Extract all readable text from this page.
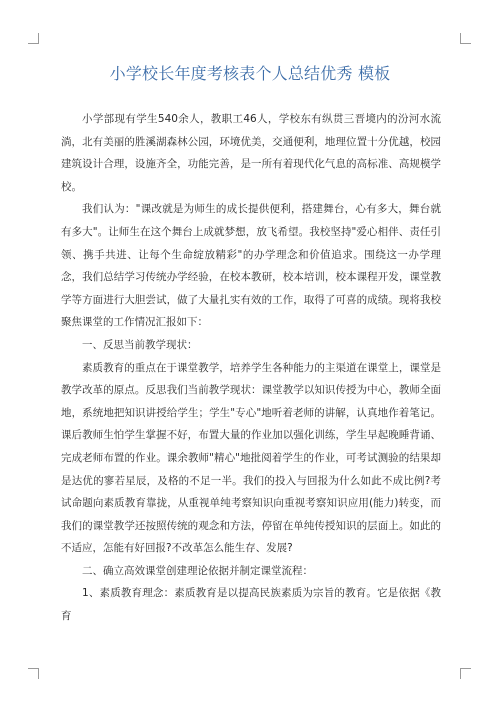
小学校长年度考核表个人总结优秀 模板

小学部现有学生540余人，教职工46人，学校东有纵贯三晋境内的汾河水流淌，北有美丽的胜溪湖森林公园，环境优美，交通便利，地理位置十分优越，校园建筑设计合理，设施齐全，功能完善，是一所有着现代化气息的高标准、高规模学校。

我们认为："课改就是为师生的成长提供便利，搭建舞台，心有多大，舞台就有多大"。让师生在这个舞台上成就梦想，放飞希望。我校坚持"爱心相伴、责任引领、携手共进、让每个生命绽放精彩"的办学理念和价值追求。围绕这一办学理念，我们总结学习传统办学经验，在校本教研，校本培训，校本课程开发，课堂教学等方面进行大胆尝试，做了大量扎实有效的工作，取得了可喜的成绩。现将我校聚焦课堂的工作情况汇报如下：

一、反思当前教学现状：

素质教育的重点在于课堂教学，培养学生各种能力的主渠道在课堂上，课堂是教学改革的原点。反思我们当前教学现状：课堂教学以知识传授为中心，教师全面地，系统地把知识讲授给学生；学生"专心"地听着老师的讲解，认真地作着笔记。课后教师生怕学生掌握不好，布置大量的作业加以强化训练，学生早起晚睡背诵、完成老师布置的作业。课余教师"精心"地批阅着学生的作业，可考试测验的结果却是达优的寥若星辰，及格的不足一半。我们的投入与回报为什么如此不成比例?考试命题向素质教育靠拢，从重视单纯考察知识向重视考察知识应用(能力)转变，而我们的课堂教学还按照传统的观念和方法，停留在单纯传授知识的层面上。如此的不适应，怎能有好回报?不改革怎么能生存、发展?

二、确立高效课堂创建理论依据并制定课堂流程：

1、素质教育理念：素质教育是以提高民族素质为宗旨的教育。它是依据《教育
